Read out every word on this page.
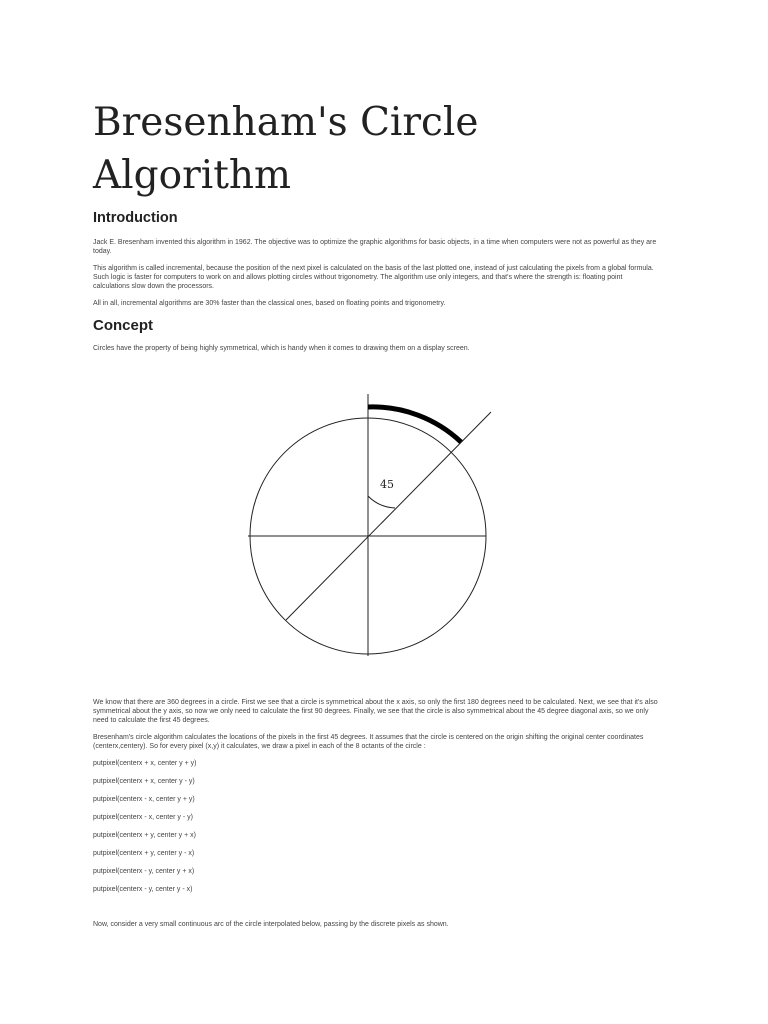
Bresenham's Circle Algorithm
Introduction

Jack E. Bresenham invented this algorithm in 1962. The objective was to optimize the graphic algorithms for basic objects, in a time when computers were not as powerful as they are today.

This algorithm is called incremental, because the position of the next pixel is calculated on the basis of the last plotted one, instead of just calculating the pixels from a global formula. Such logic is faster for computers to work on and allows plotting circles without trigonometry. The algorithm use only integers, and that's where the strength is: floating point calculations slow down the processors.

All in all, incremental algorithms are 30% faster than the classical ones, based on floating points and trigonometry.

Concept

Circles have the property of being highly symmetrical, which is handy when it comes to drawing them on a display screen.

45

We know that there are 360 degrees in a circle. First we see that a circle is symmetrical about the x axis, so only the first 180 degrees need to be calculated. Next, we see that it's also symmetrical about the y axis, so now we only need to calculate the first 90 degrees. Finally, we see that the circle is also symmetrical about the 45 degree diagonal axis, so we only need to calculate the first 45 degrees.

Bresenham's circle algorithm calculates the locations of the pixels in the first 45 degrees. It assumes that the circle is centered on the origin shifting the original center coordinates (centerx,centery). So for every pixel (x,y) it calculates, we draw a pixel in each of the 8 octants of the circle :

putpixel(centerx + x, center y + y)

putpixel(centerx + x, center y - y)

putpixel(centerx - x, center y + y)

putpixel(centerx - x, center y - y)

putpixel(centerx + y, center y + x)

putpixel(centerx + y, center y - x)

putpixel(centerx - y, center y + x)

putpixel(centerx - y, center y - x)

Now, consider a very small continuous arc of the circle interpolated below, passing by the discrete pixels as shown.
